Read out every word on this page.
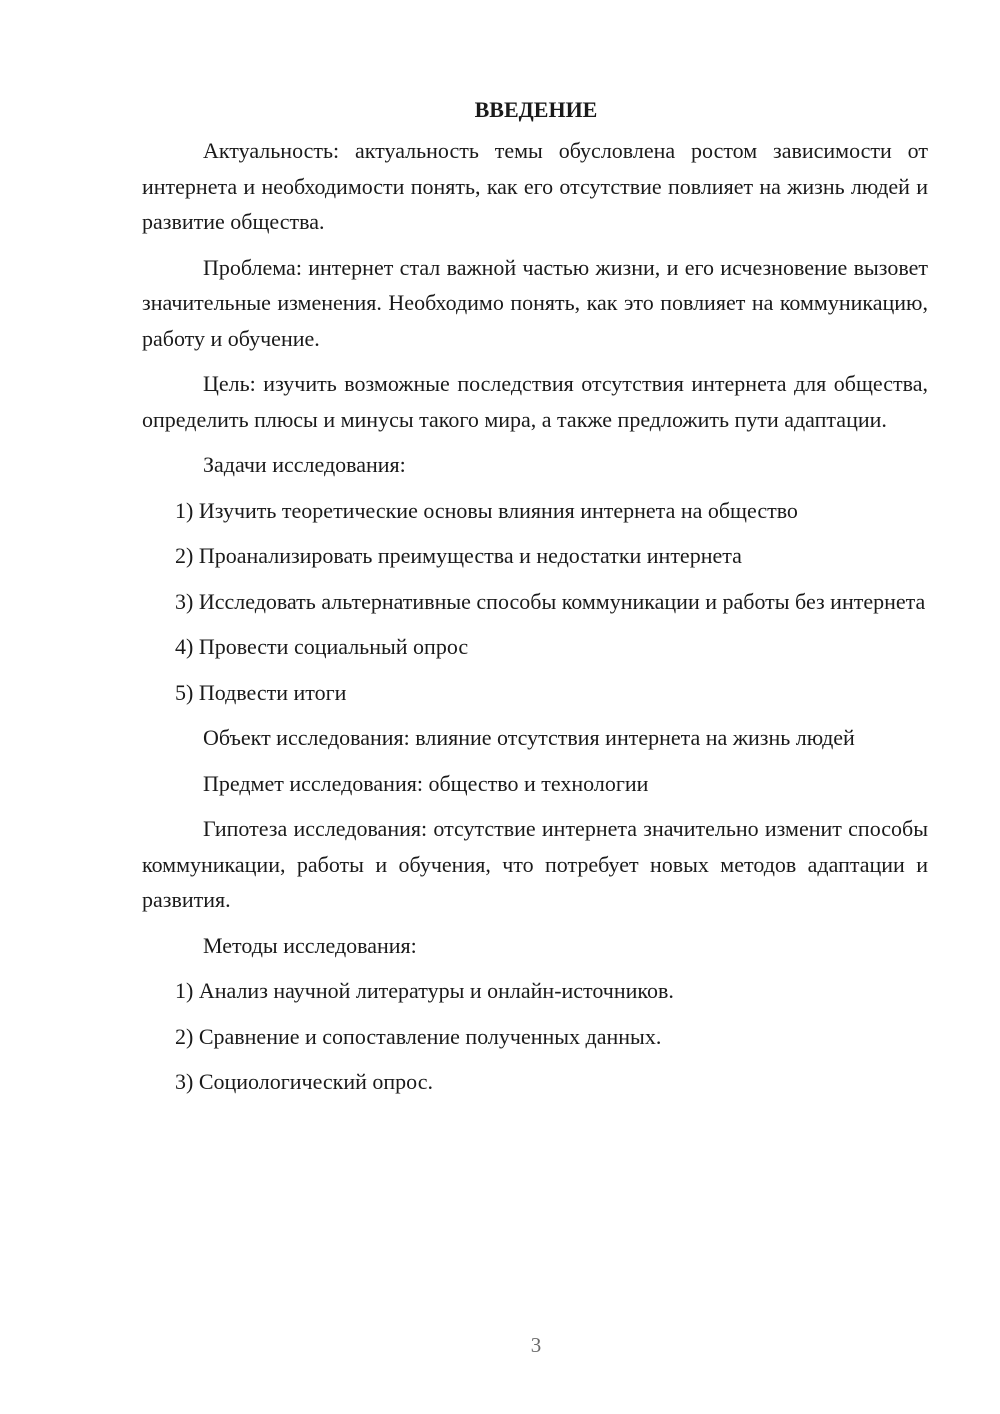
ВВЕДЕНИЕ

Актуальность: актуальность темы обусловлена ростом зависимости от интернета и необходимости понять, как его отсутствие повлияет на жизнь людей и развитие общества.

Проблема: интернет стал важной частью жизни, и его исчезновение вызовет значительные изменения. Необходимо понять, как это повлияет на коммуникацию, работу и обучение.

Цель: изучить возможные последствия отсутствия интернета для общества, определить плюсы и минусы такого мира, а также предложить пути адаптации.

Задачи исследования:

1) Изучить теоретические основы влияния интернета на общество

2) Проанализировать преимущества и недостатки интернета

3) Исследовать альтернативные способы коммуникации и работы без интернета

4) Провести социальный опрос

5) Подвести итоги

Объект исследования: влияние отсутствия интернета на жизнь людей

Предмет исследования: общество и технологии

Гипотеза исследования: отсутствие интернета значительно изменит способы коммуникации, работы и обучения, что потребует новых методов адаптации и развития.

Методы исследования:

1) Анализ научной литературы и онлайн-источников.

2) Сравнение и сопоставление полученных данных.

3) Социологический опрос.

3
